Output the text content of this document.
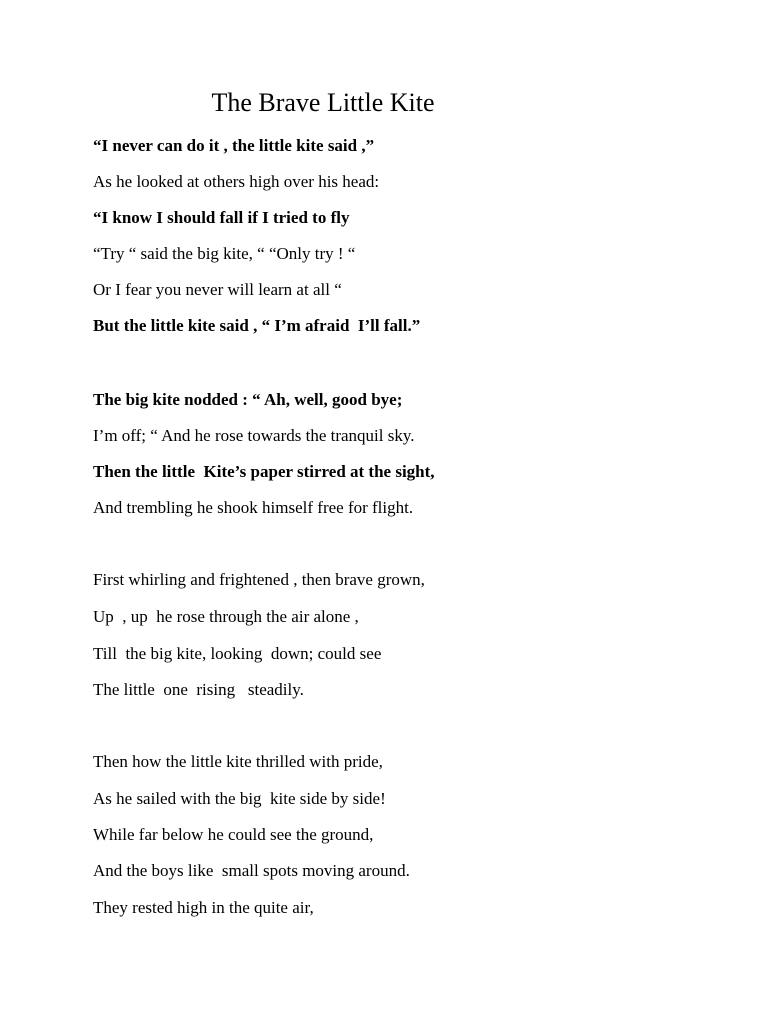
The Brave Little Kite
“I never can do it , the little kite said ,”
As he looked at others high over his head:
“I know I should fall if I tried to fly
“Try “ said the big kite, “ “Only try ! “
Or I fear you never will learn at all “
But the little kite said , “ I’m afraid  I’ll fall.”
The big kite nodded : “ Ah, well, good bye;
I’m off; “ And he rose towards the tranquil sky.
Then the little  Kite’s paper stirred at the sight,
And trembling he shook himself free for flight.
First whirling and frightened , then brave grown,
Up  , up  he rose through the air alone ,
Till  the big kite, looking  down; could see
The little  one  rising   steadily.
Then how the little kite thrilled with pride,
As he sailed with the big  kite side by side!
While far below he could see the ground,
And the boys like  small spots moving around.
They rested high in the quite air,
